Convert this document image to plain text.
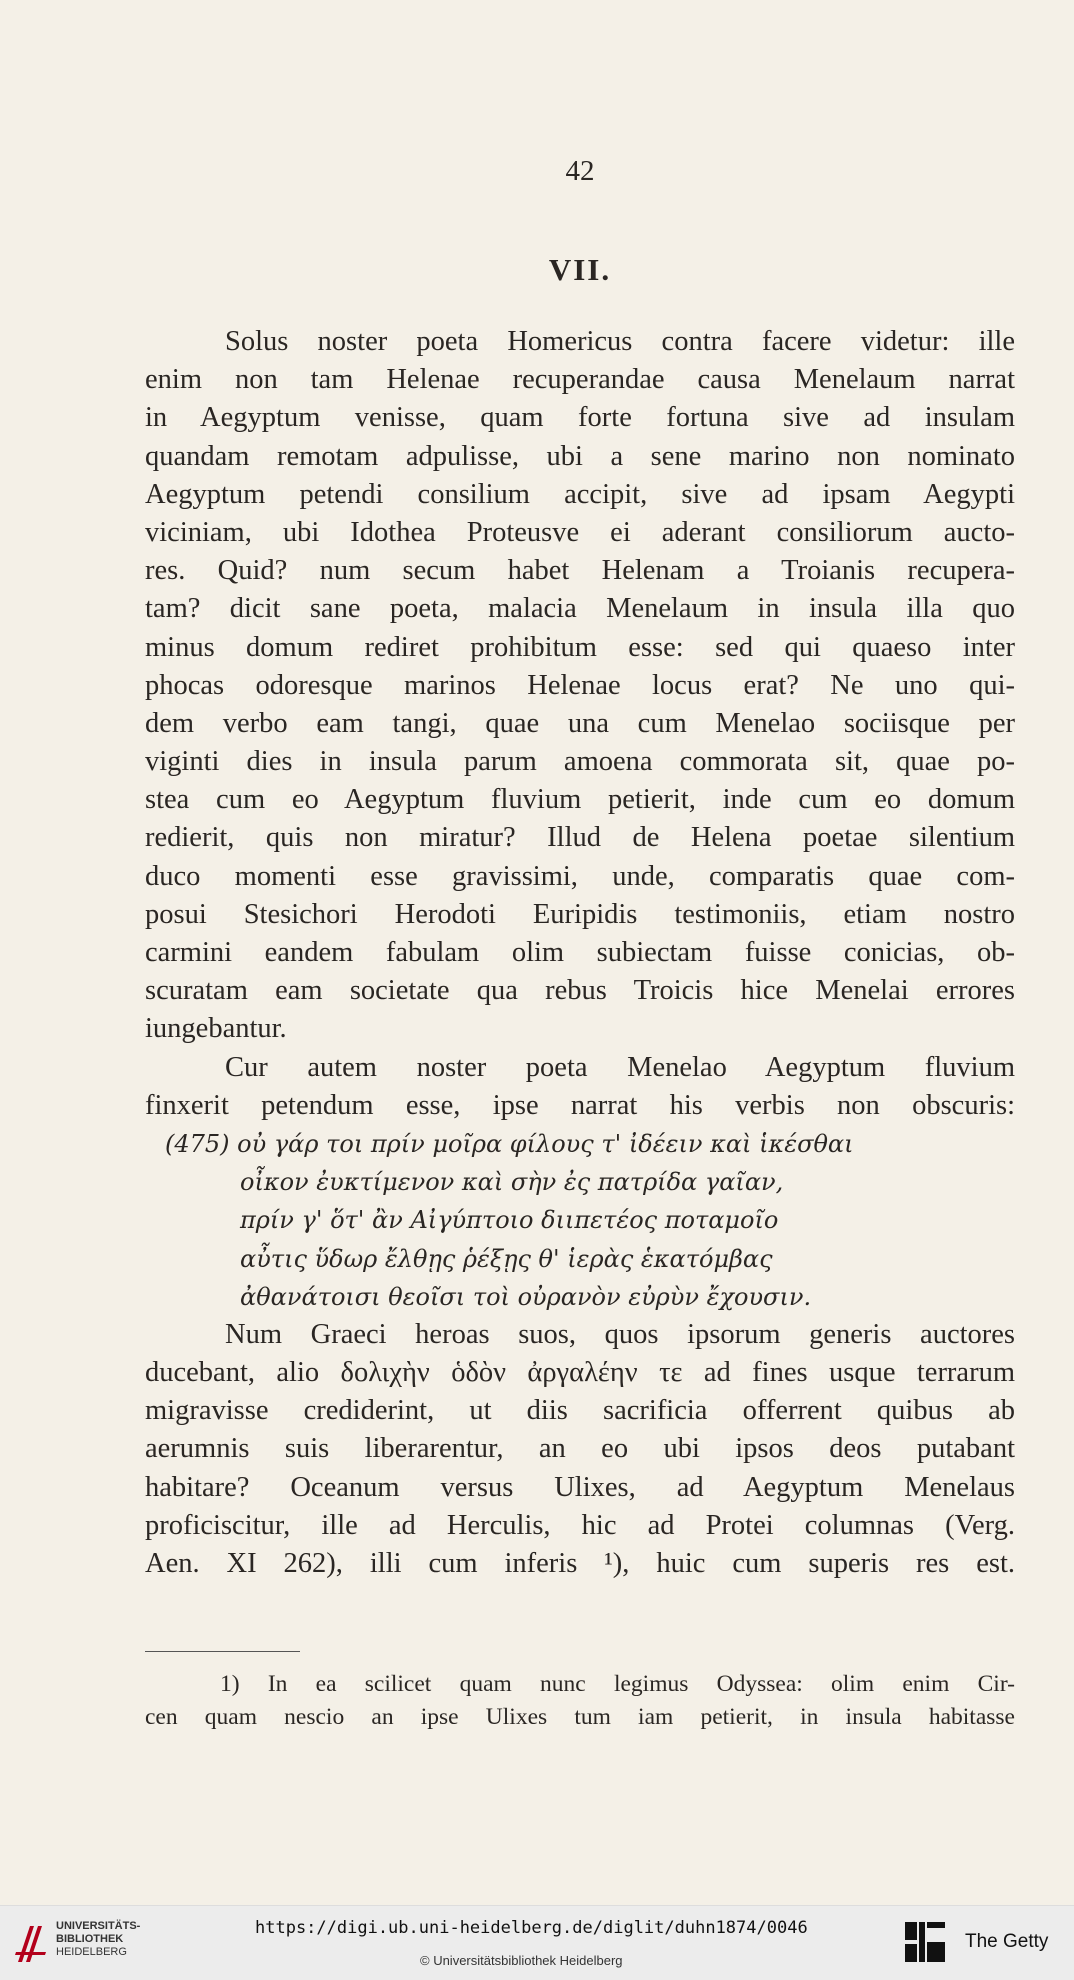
42
VII.
Solus noster poeta Homericus contra facere videtur: ille
enim non tam Helenae recuperandae causa Menelaum narrat
in Aegyptum venisse, quam forte fortuna sive ad insulam
quandam remotam adpulisse, ubi a sene marino non nominato
Aegyptum petendi consilium accipit, sive ad ipsam Aegypti
viciniam, ubi Idothea Proteusve ei aderant consiliorum aucto-
res. Quid? num secum habet Helenam a Troianis recupera-
tam? dicit sane poeta, malacia Menelaum in insula illa quo
minus domum rediret prohibitum esse: sed qui quaeso inter
phocas odoresque marinos Helenae locus erat? Ne uno qui-
dem verbo eam tangi, quae una cum Menelao sociisque per
viginti dies in insula parum amoena commorata sit, quae po-
stea cum eo Aegyptum fluvium petierit, inde cum eo domum
redierit, quis non miratur? Illud de Helena poetae silentium
duco momenti esse gravissimi, unde, comparatis quae com-
posui Stesichori Herodoti Euripidis testimoniis, etiam nostro
carmini eandem fabulam olim subiectam fuisse conicias, ob-
scuratam eam societate qua rebus Troicis hice Menelai errores
iungebantur.
Cur autem noster poeta Menelao Aegyptum fluvium
finxerit petendum esse, ipse narrat his verbis non obscuris:
(475) οὐ γάρ τοι πρίν μοῖρα φίλους τ' ἰδέειν καὶ ἱκέσθαι
οἶκον ἐυκτίμενον καὶ σὴν ἐς πατρίδα γαῖαν,
πρίν γ' ὅτ' ἂν Αἰγύπτοιο διιπετέος ποταμοῖο
αὖτις ὕδωρ ἔλθῃς ῥέξῃς θ' ἱερὰς ἑκατόμβας
ἀθανάτοισι θεοῖσι τοὶ οὐρανὸν εὐρὺν ἔχουσιν.
Num Graeci heroas suos, quos ipsorum generis auctores
ducebant, alio δολιχὴν ὁδὸν ἀργαλέην τε ad fines usque terrarum
migravisse crediderint, ut diis sacrificia offerrent quibus ab
aerumnis suis liberarentur, an eo ubi ipsos deos putabant
habitare? Oceanum versus Ulixes, ad Aegyptum Menelaus
proficiscitur, ille ad Herculis, hic ad Protei columnas (Verg.
Aen. XI 262), illi cum inferis ¹), huic cum superis res est.
1) In ea scilicet quam nunc legimus Odyssea: olim enim Cir-
cen quam nescio an ipse Ulixes tum iam petierit, in insula habitasse
UNIVERSITÄTS-
BIBLIOTHEK
HEIDELBERG
https://digi.ub.uni-heidelberg.de/diglit/duhn1874/0046
© Universitätsbibliothek Heidelberg
The Getty
